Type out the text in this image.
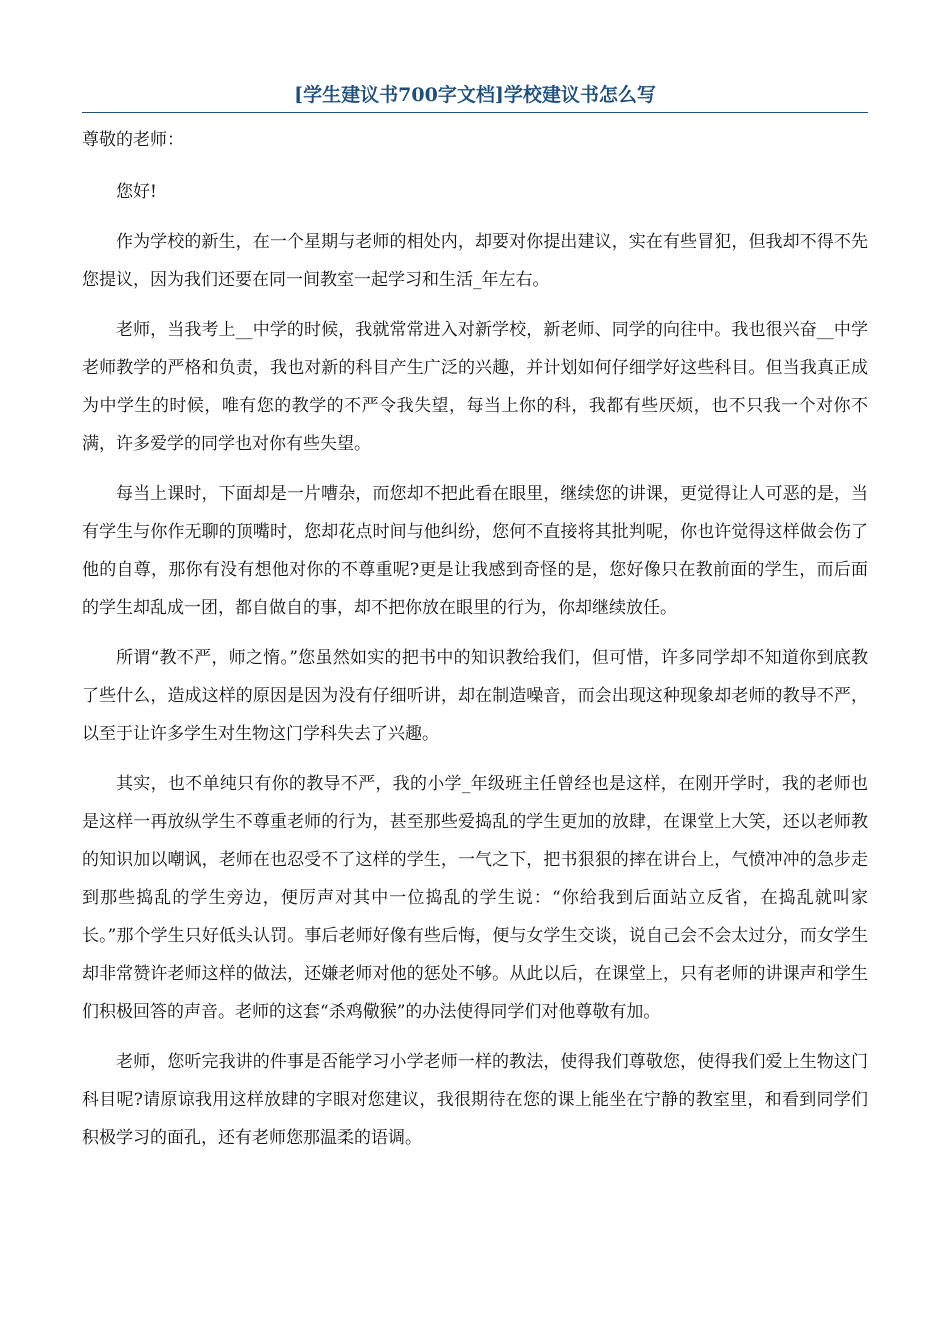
[学生建议书700字文档]学校建议书怎么写

尊敬的老师：

您好!

作为学校的新生，在一个星期与老师的相处内，却要对你提出建议，实在有些冒犯，但我却不得不先您提议，因为我们还要在同一间教室一起学习和生活_年左右。

老师，当我考上__中学的时候，我就常常进入对新学校，新老师、同学的向往中。我也很兴奋__中学老师教学的严格和负责，我也对新的科目产生广泛的兴趣，并计划如何仔细学好这些科目。但当我真正成为中学生的时候，唯有您的教学的不严令我失望，每当上你的科，我都有些厌烦，也不只我一个对你不满，许多爱学的同学也对你有些失望。

每当上课时，下面却是一片嘈杂，而您却不把此看在眼里，继续您的讲课，更觉得让人可恶的是，当有学生与你作无聊的顶嘴时，您却花点时间与他纠纷，您何不直接将其批判呢，你也许觉得这样做会伤了他的自尊，那你有没有想他对你的不尊重呢?更是让我感到奇怪的是，您好像只在教前面的学生，而后面的学生却乱成一团，都自做自的事，却不把你放在眼里的行为，你却继续放任。

所谓“教不严，师之惰。”您虽然如实的把书中的知识教给我们，但可惜，许多同学却不知道你到底教了些什么，造成这样的原因是因为没有仔细听讲，却在制造噪音，而会出现这种现象却老师的教导不严，以至于让许多学生对生物这门学科失去了兴趣。

其实，也不单纯只有你的教导不严，我的小学_年级班主任曾经也是这样，在刚开学时，我的老师也是这样一再放纵学生不尊重老师的行为，甚至那些爱捣乱的学生更加的放肆，在课堂上大笑，还以老师教的知识加以嘲讽，老师在也忍受不了这样的学生，一气之下，把书狠狠的摔在讲台上，气愤冲冲的急步走到那些捣乱的学生旁边，便厉声对其中一位捣乱的学生说：“你给我到后面站立反省，在捣乱就叫家长。”那个学生只好低头认罚。事后老师好像有些后悔，便与女学生交谈，说自己会不会太过分，而女学生却非常赞许老师这样的做法，还嫌老师对他的惩处不够。从此以后，在课堂上，只有老师的讲课声和学生们积极回答的声音。老师的这套“杀鸡儆猴”的办法使得同学们对他尊敬有加。

老师，您听完我讲的件事是否能学习小学老师一样的教法，使得我们尊敬您，使得我们爱上生物这门科目呢?请原谅我用这样放肆的字眼对您建议，我很期待在您的课上能坐在宁静的教室里，和看到同学们积极学习的面孔，还有老师您那温柔的语调。
